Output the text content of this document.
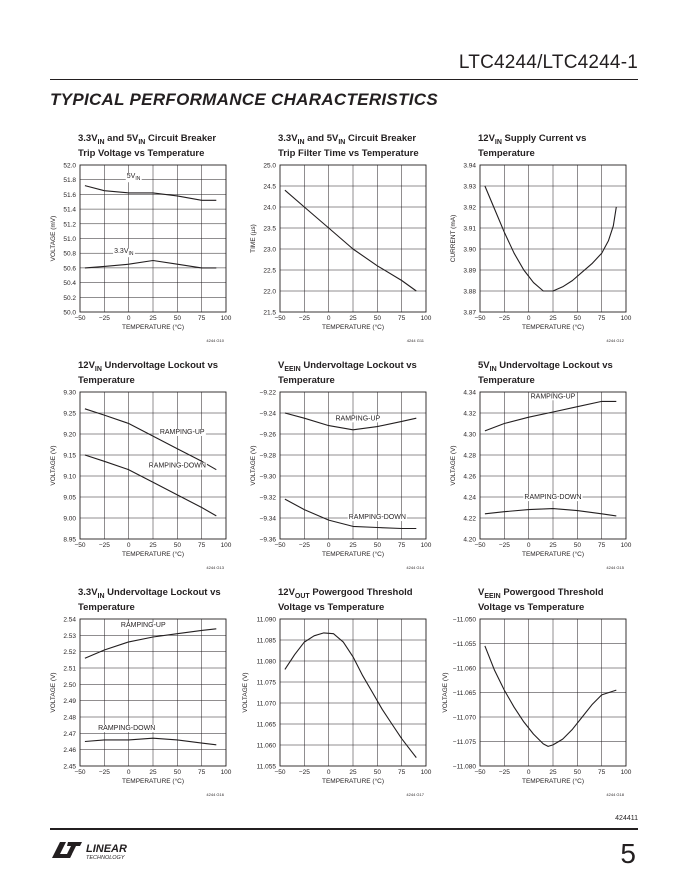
LTC4244/LTC4244-1
TYPICAL PERFORMANCE CHARACTERISTICS
$3.3V_{IN}$ and $5V_{IN}$ Circuit Breaker
Trip Voltage vs Temperature
$3.3V_{IN}$ and $5V_{IN}$ Circuit Breaker
Trip Filter Time vs Temperature
$12V_{IN}$ Supply Current vs
Temperature
$12V_{IN}$ Undervoltage Lockout vs
Temperature
$V_{EEIN}$ Undervoltage Lockout vs
Temperature
$5V_{IN}$ Undervoltage Lockout vs
Temperature
$3.3V_{IN}$ Undervoltage Lockout vs
Temperature
$12V_{OUT}$ Powergood Threshold
Voltage vs Temperature
$V_{EEIN}$ Powergood Threshold
Voltage vs Temperature
−50 −25	0	25	50	75 100
50.0
50.2
50.4
50.6
50.8
51.0
51.2
51.4
51.6
51.8
52.0
TEMPERATURE (°C)
VOLTAGE (mV)
$5V_{IN}$
$3.3V_{IN}$
4244 G10
−50 −25	0	25	50	75 100
21.5
22.0
22.5
23.0
23.5
24.0
24.5
25.0
TEMPERATURE (°C)
TIME (µs)
4244 G11
−50 −25	0	25	50	75 100
3.87
3.88
3.89
3.90
3.91
3.92
3.93
3.94
TEMPERATURE (°C)
CURRENT (mA)
4244 G12
−50 −25	0	25	50	75 100
8.95
9.00
9.05
9.10
9.15
9.20
9.25
9.30
TEMPERATURE (°C)
VOLTAGE (V)
RAMPING-UP
RAMPING-DOWN
4244 G13
−50 −25	0	25	50	75 100
−9.36
−9.34
−9.32
−9.30
−9.28
−9.26
−9.24
−9.22
TEMPERATURE (°C)
VOLTAGE (V)
RAMPING-UP
RAMPING-DOWN
4244 G14
−50 −25	0	25	50	75 100
4.20
4.22
4.24
4.26
4.28
4.30
4.32
4.34
TEMPERATURE (°C)
VOLTAGE (V)
RAMPING-UP
RAMPING-DOWN
4244 G15
−50 −25	0	25	50	75 100
2.45
2.46
2.47
2.48
2.49
2.50
2.51
2.52
2.53
2.54
TEMPERATURE (°C)
VOLTAGE (V)
RAMPING-UP
RAMPING-DOWN
4244 G16
−50 −25	0	25	50	75 100
11.055
11.060
11.065
11.070
11.075
11.080
11.085
11.090
TEMPERATURE (°C)
VOLTAGE (V)
4244 G17
−50 −25	0	25	50	75 100
−11.080
−11.075
−11.070
−11.065
−11.060
−11.055
−11.050
TEMPERATURE (°C)
VOLTAGE (V)
4244 G18
424411
LINEAR
TECHNOLOGY	5
